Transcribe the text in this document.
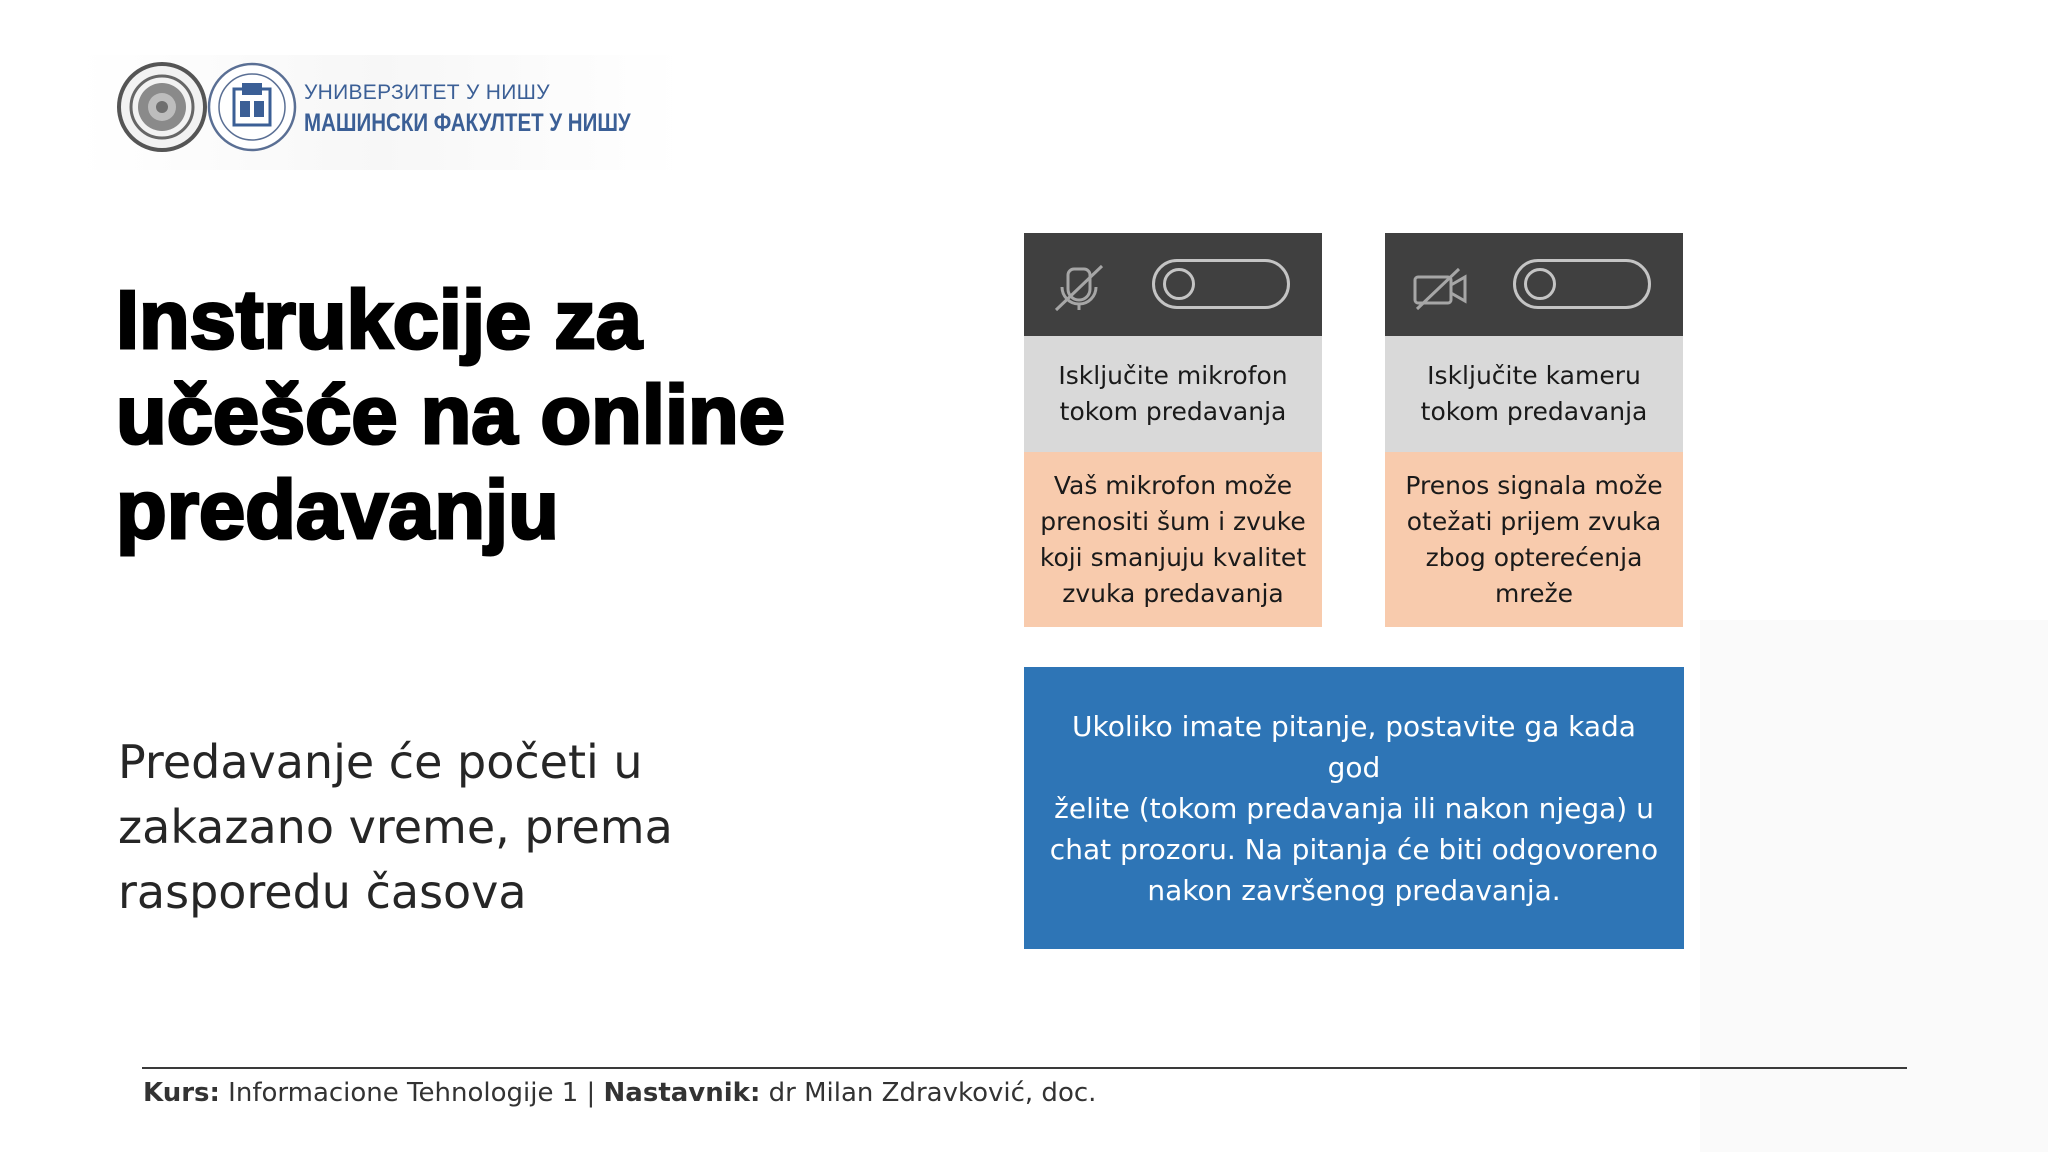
УНИВЕРЗИТЕТ У НИШУ

МАШИНСКИ ФАКУЛТЕТ У НИШУ

Instrukcije za učešće na online predavanju

Predavanje će početi u zakazano vreme, prema rasporedu časova

Isključite mikrofon
tokom predavanja

Vaš mikrofon može
prenositi šum i zvuke
koji smanjuju kvalitet
zvuka predavanja

Isključite kameru
tokom predavanja

Prenos signala može
otežati prijem zvuka
zbog opterećenja
mreže

Ukoliko imate pitanje, postavite ga kada god
želite (tokom predavanja ili nakon njega) u
chat prozoru. Na pitanja će biti odgovoreno
nakon završenog predavanja.

Kurs: Informacione Tehnologije 1 | Nastavnik: dr Milan Zdravković, doc.
